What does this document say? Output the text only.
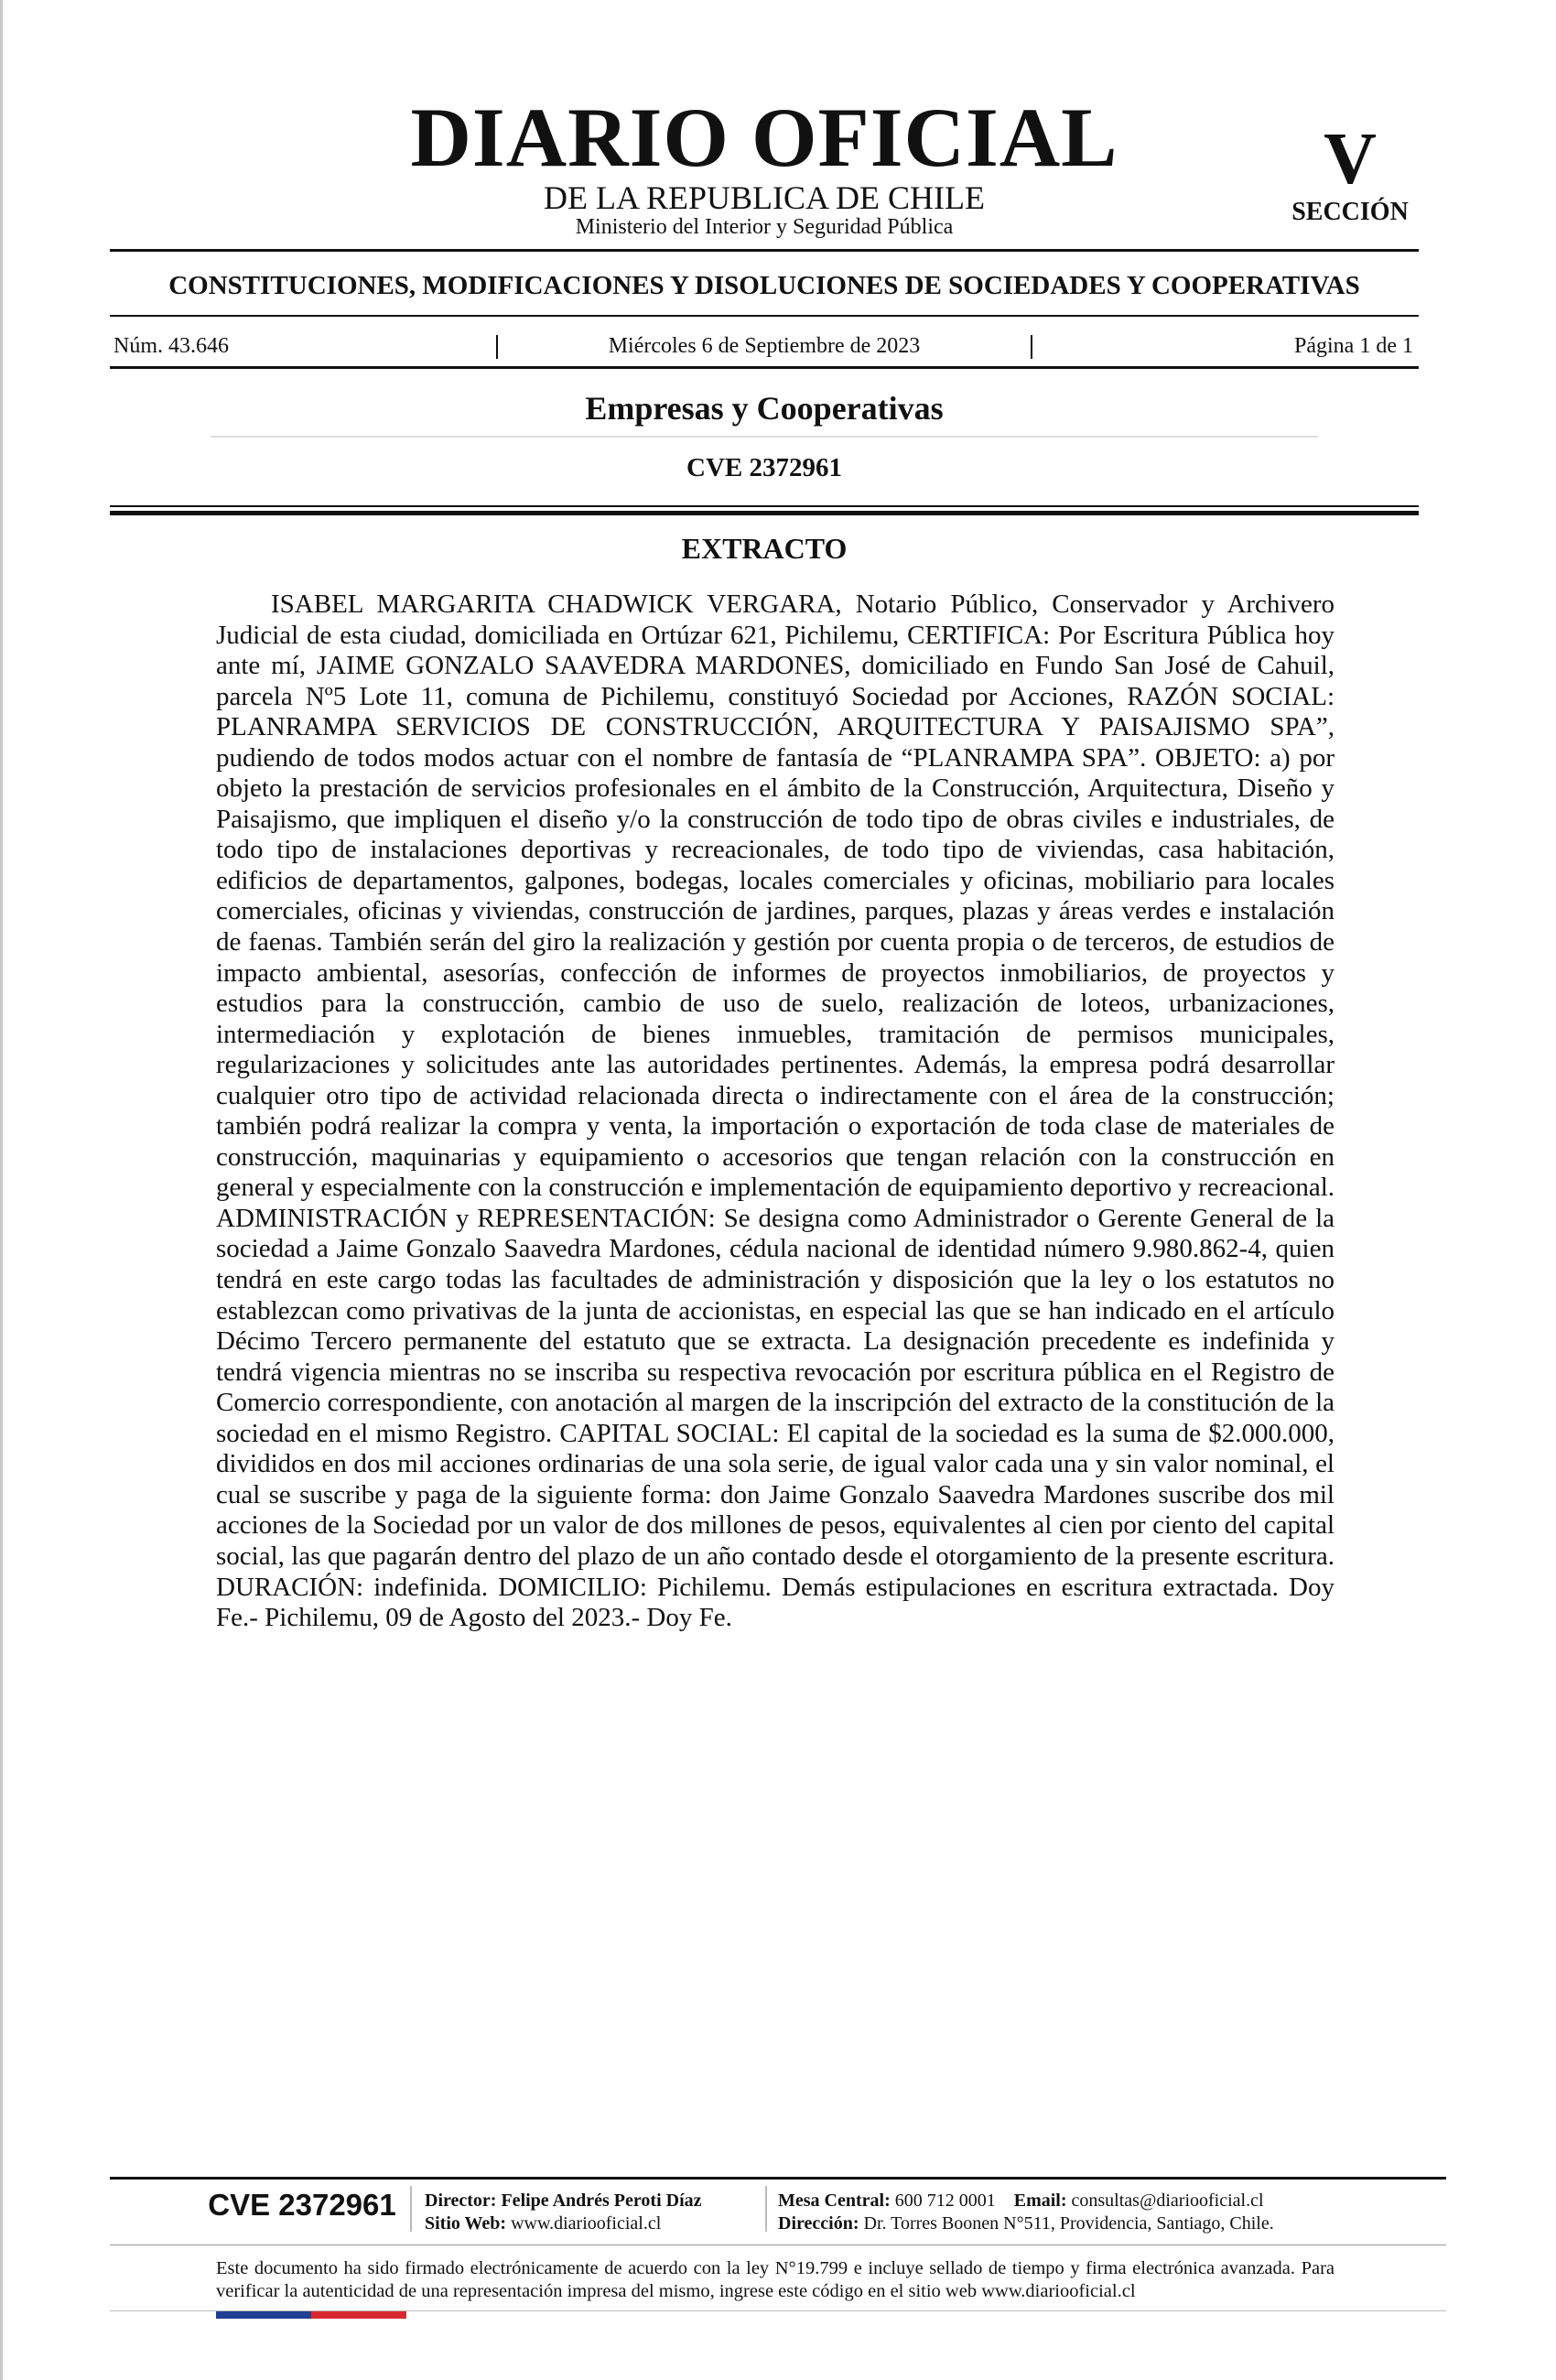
DIARIO OFICIAL
DE LA REPUBLICA DE CHILE
Ministerio del Interior y Seguridad Pública
V
SECCIÓN
CONSTITUCIONES, MODIFICACIONES Y DISOLUCIONES DE SOCIEDADES Y COOPERATIVAS
Núm. 43.646	Miércoles 6 de Septiembre de 2023	Página 1 de 1
Empresas y Cooperativas
CVE 2372961
EXTRACTO

ISABEL MARGARITA CHADWICK VERGARA, Notario Público, Conservador y Archivero Judicial de esta ciudad, domiciliada en Ortúzar 621, Pichilemu, CERTIFICA: Por Escritura Pública hoy ante mí, JAIME GONZALO SAAVEDRA MARDONES, domiciliado en Fundo San José de Cahuil, parcela Nº5 Lote 11, comuna de Pichilemu, constituyó Sociedad por Acciones, RAZÓN SOCIAL: PLANRAMPA SERVICIOS DE CONSTRUCCIÓN, ARQUITECTURA Y PAISAJISMO SPA”, pudiendo de todos modos actuar con el nombre de fantasía de “PLANRAMPA SPA”. OBJETO: a) por objeto la prestación de servicios profesionales en el ámbito de la Construcción, Arquitectura, Diseño y Paisajismo, que impliquen el diseño y/o la construcción de todo tipo de obras civiles e industriales, de todo tipo de instalaciones deportivas y recreacionales, de todo tipo de viviendas, casa habitación, edificios de departamentos, galpones, bodegas, locales comerciales y oficinas, mobiliario para locales comerciales, oficinas y viviendas, construcción de jardines, parques, plazas y áreas verdes e instalación de faenas. También serán del giro la realización y gestión por cuenta propia o de terceros, de estudios de impacto ambiental, asesorías, confección de informes de proyectos inmobiliarios, de proyectos y estudios para la construcción, cambio de uso de suelo, realización de loteos, urbanizaciones, intermediación y explotación de bienes inmuebles, tramitación de permisos municipales, regularizaciones y solicitudes ante las autoridades pertinentes. Además, la empresa podrá desarrollar cualquier otro tipo de actividad relacionada directa o indirectamente con el área de la construcción; también podrá realizar la compra y venta, la importación o exportación de toda clase de materiales de construcción, maquinarias y equipamiento o accesorios que tengan relación con la construcción en general y especialmente con la construcción e implementación de equipamiento deportivo y recreacional. ADMINISTRACIÓN y REPRESENTACIÓN: Se designa como Administrador o Gerente General de la sociedad a Jaime Gonzalo Saavedra Mardones, cédula nacional de identidad número 9.980.862-4, quien tendrá en este cargo todas las facultades de administración y disposición que la ley o los estatutos no establezcan como privativas de la junta de accionistas, en especial las que se han indicado en el artículo Décimo Tercero permanente del estatuto que se extracta. La designación precedente es indefinida y tendrá vigencia mientras no se inscriba su respectiva revocación por escritura pública en el Registro de Comercio correspondiente, con anotación al margen de la inscripción del extracto de la constitución de la sociedad en el mismo Registro. CAPITAL SOCIAL: El capital de la sociedad es la suma de $2.000.000, divididos en dos mil acciones ordinarias de una sola serie, de igual valor cada una y sin valor nominal, el cual se suscribe y paga de la siguiente forma: don Jaime Gonzalo Saavedra Mardones suscribe dos mil acciones de la Sociedad por un valor de dos millones de pesos, equivalentes al cien por ciento del capital social, las que pagarán dentro del plazo de un año contado desde el otorgamiento de la presente escritura. DURACIÓN: indefinida. DOMICILIO: Pichilemu. Demás estipulaciones en escritura extractada. Doy Fe.- Pichilemu, 09 de Agosto del 2023.- Doy Fe.

CVE 2372961	Director: Felipe Andrés Peroti Díaz
Sitio Web: www.diariooficial.cl
Mesa Central: 600 712 0001 Email: consultas@diariooficial.cl
Dirección: Dr. Torres Boonen N°511, Providencia, Santiago, Chile.
Este documento ha sido firmado electrónicamente de acuerdo con la ley N°19.799 e incluye sellado de tiempo y firma electrónica avanzada. Para verificar la autenticidad de una representación impresa del mismo, ingrese este código en el sitio web www.diariooficial.cl
